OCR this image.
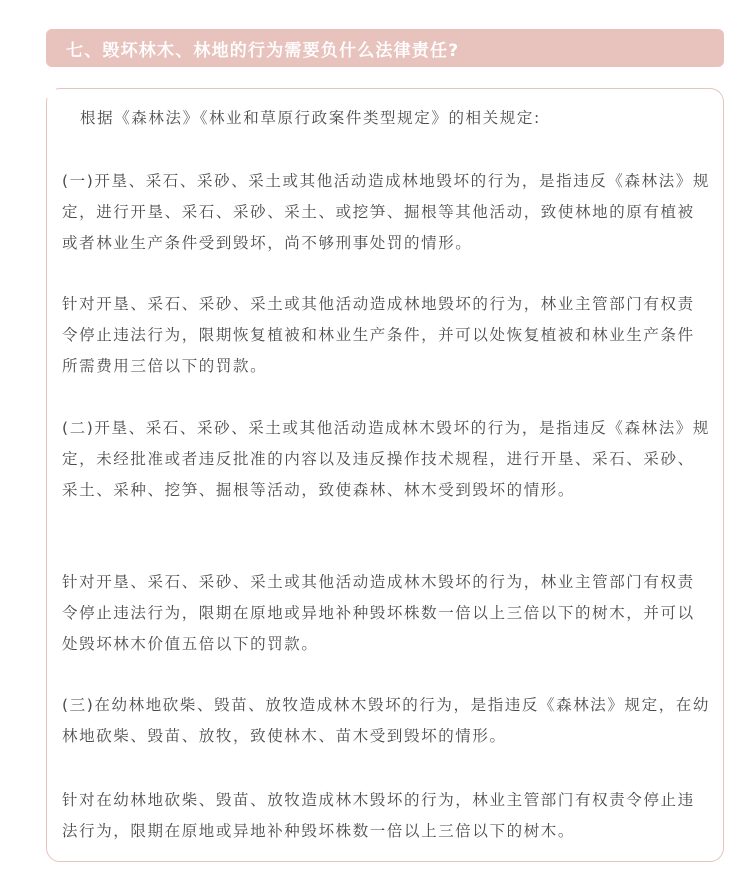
七、毁坏林木、林地的行为需要负什么法律责任?

根据《森林法》《林业和草原行政案件类型规定》的相关规定:

(一)开垦、采石、采砂、采土或其他活动造成林地毁坏的行为，是指违反《森林法》规定，进行开垦、采石、采砂、采土、或挖笋、掘根等其他活动，致使林地的原有植被或者林业生产条件受到毁坏，尚不够刑事处罚的情形。

针对开垦、采石、采砂、采土或其他活动造成林地毁坏的行为，林业主管部门有权责令停止违法行为，限期恢复植被和林业生产条件，并可以处恢复植被和林业生产条件所需费用三倍以下的罚款。

(二)开垦、采石、采砂、采土或其他活动造成林木毁坏的行为，是指违反《森林法》规定，未经批准或者违反批准的内容以及违反操作技术规程，进行开垦、采石、采砂、采土、采种、挖笋、掘根等活动，致使森林、林木受到毁坏的情形。

针对开垦、采石、采砂、采土或其他活动造成林木毁坏的行为，林业主管部门有权责令停止违法行为，限期在原地或异地补种毁坏株数一倍以上三倍以下的树木，并可以处毁坏林木价值五倍以下的罚款。

(三)在幼林地砍柴、毁苗、放牧造成林木毁坏的行为，是指违反《森林法》规定，在幼林地砍柴、毁苗、放牧，致使林木、苗木受到毁坏的情形。

针对在幼林地砍柴、毁苗、放牧造成林木毁坏的行为，林业主管部门有权责令停止违法行为，限期在原地或异地补种毁坏株数一倍以上三倍以下的树木。
